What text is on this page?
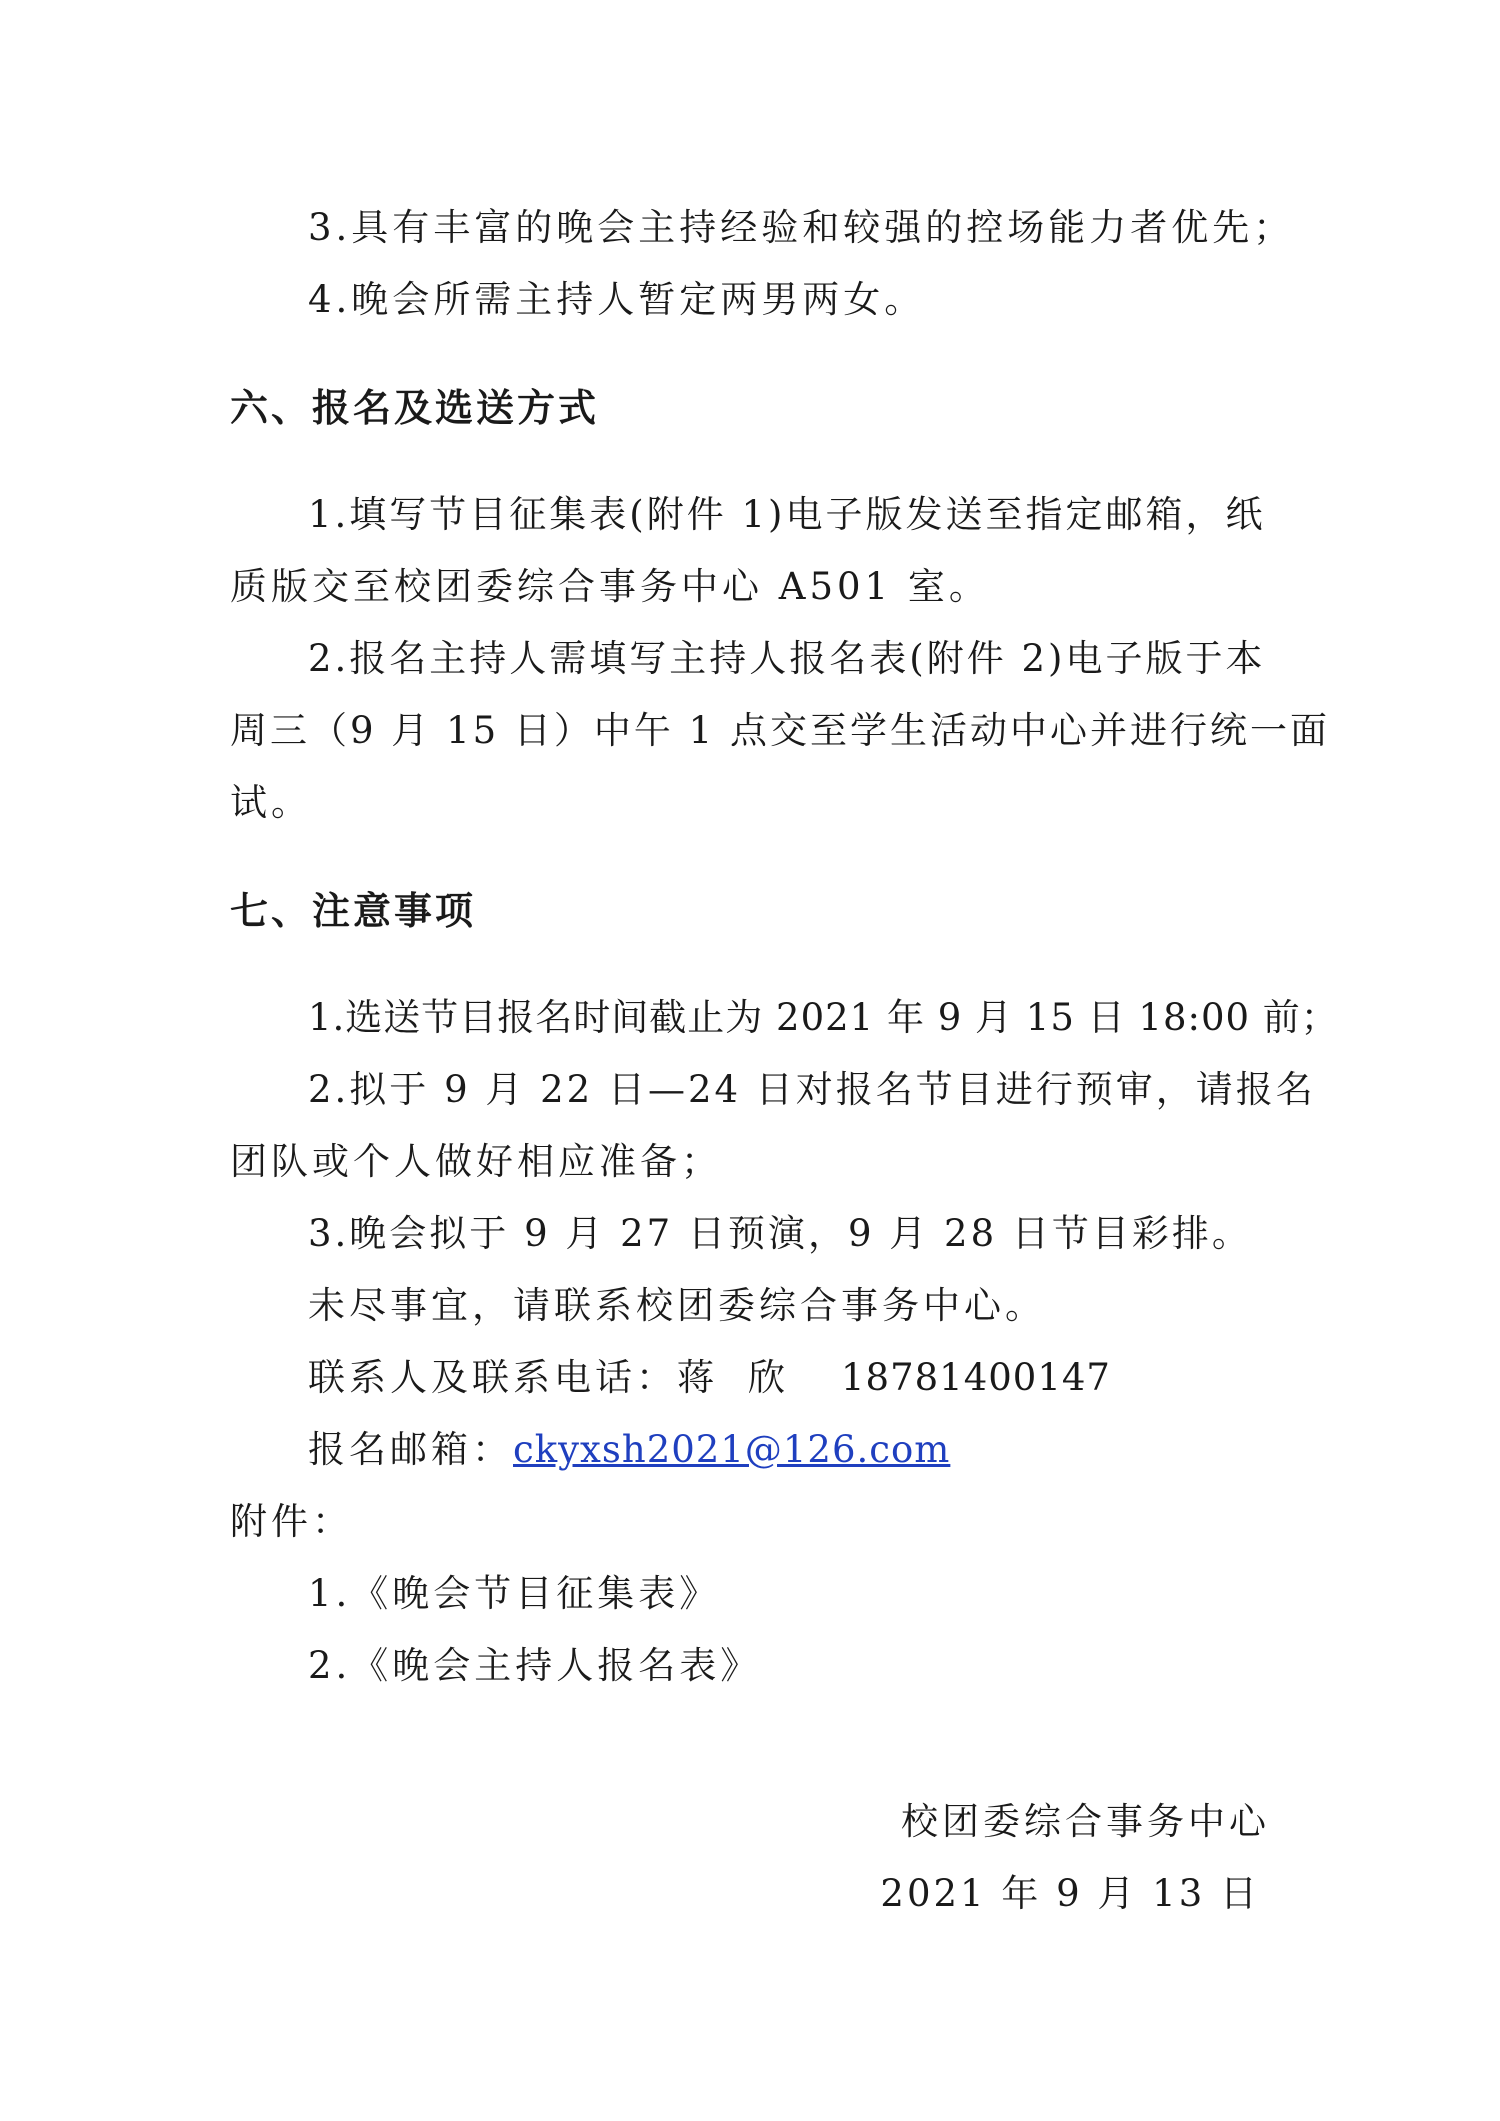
3.具有丰富的晚会主持经验和较强的控场能力者优先；
4.晚会所需主持人暂定两男两女。
六、报名及选送方式
1.填写节目征集表(附件 1)电子版发送至指定邮箱，纸
质版交至校团委综合事务中心 A501 室。
2.报名主持人需填写主持人报名表(附件 2)电子版于本
周三（9 月 15 日）中午 1 点交至学生活动中心并进行统一面
试。
七、注意事项
1.选送节目报名时间截止为 2021 年 9 月 15 日 18:00 前；
2.拟于 9 月 22 日—24 日对报名节目进行预审，请报名
团队或个人做好相应准备；
3.晚会拟于 9 月 27 日预演，9 月 28 日节目彩排。
未尽事宜，请联系校团委综合事务中心。
联系人及联系电话：蒋 欣 18781400147
报名邮箱：ckyxsh2021@126.com
附件：
1.《晚会节目征集表》
2.《晚会主持人报名表》
校团委综合事务中心
2021 年 9 月 13 日
